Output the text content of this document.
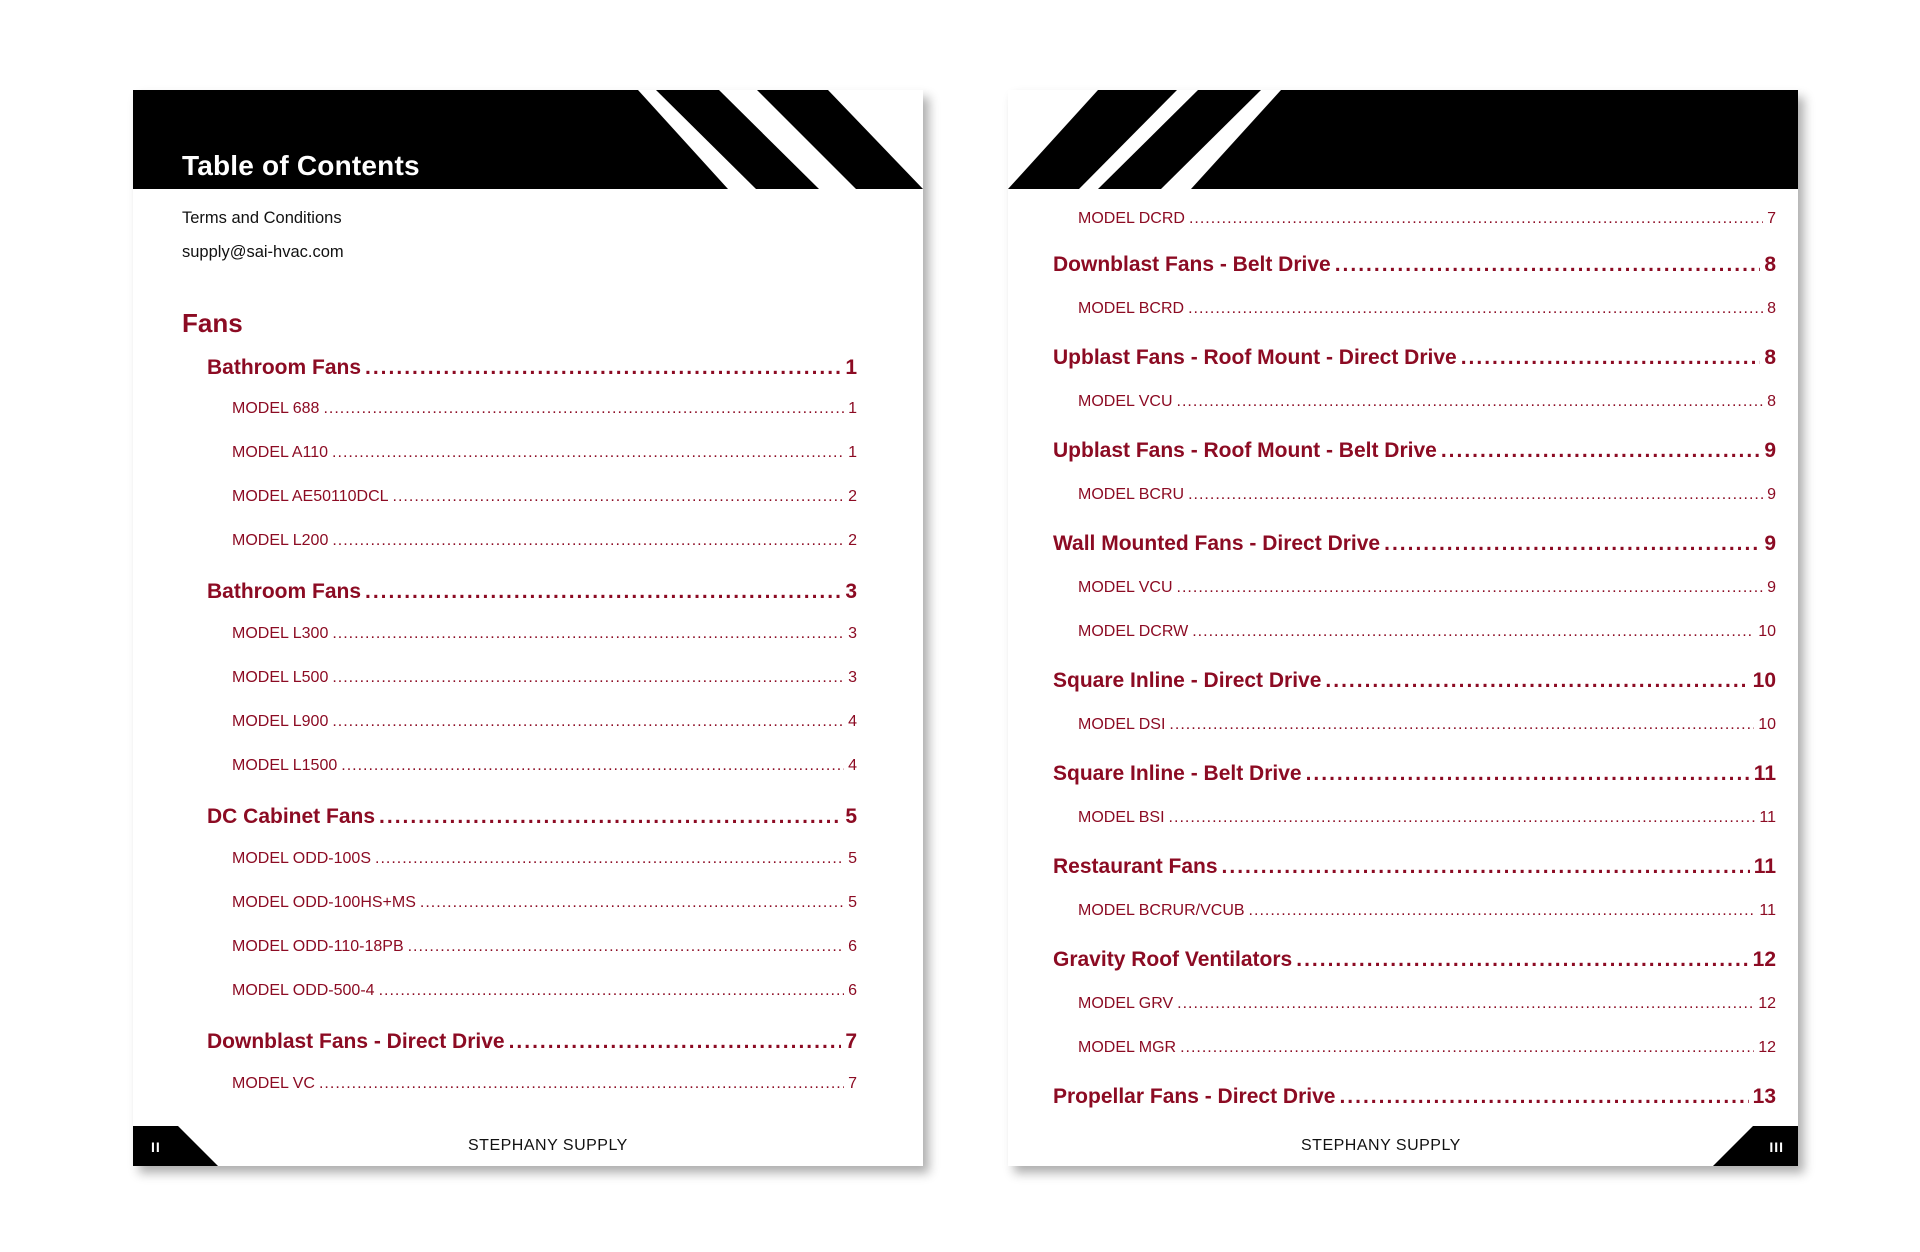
Table of Contents
Terms and Conditions
supply@sai-hvac.com
Fans
Bathroom Fans .....	1
MODEL 688 .....	1
MODEL A110 .....	1
MODEL AE50110DCL .....	2
MODEL L200 .....	2
Bathroom Fans .....	3
MODEL L300 .....	3
MODEL L500 .....	3
MODEL L900 .....	4
MODEL L1500 .....	4
DC Cabinet Fans .....	5
MODEL ODD-100S .....	5
MODEL ODD-100HS+MS .....	5
MODEL ODD-110-18PB .....	6
MODEL ODD-500-4 .....	6
Downblast Fans - Direct Drive .....	7
MODEL VC .....	7
II	STEPHANY SUPPLY
MODEL DCRD .....	7
Downblast Fans - Belt Drive .....	8
MODEL BCRD .....	8
Upblast Fans - Roof Mount - Direct Drive .....	8
MODEL VCU .....	8
Upblast Fans - Roof Mount - Belt Drive .....	9
MODEL BCRU .....	9
Wall Mounted Fans - Direct Drive .....	9
MODEL VCU .....	9
MODEL DCRW .....	10
Square Inline - Direct Drive .....	10
MODEL DSI .....	10
Square Inline - Belt Drive .....	11
MODEL BSI .....	11
Restaurant Fans .....	11
MODEL BCRUR/VCUB .....	11
Gravity Roof Ventilators .....	12
MODEL GRV .....	12
MODEL MGR .....	12
Propellar Fans - Direct Drive .....	13
III
STEPHANY SUPPLY
